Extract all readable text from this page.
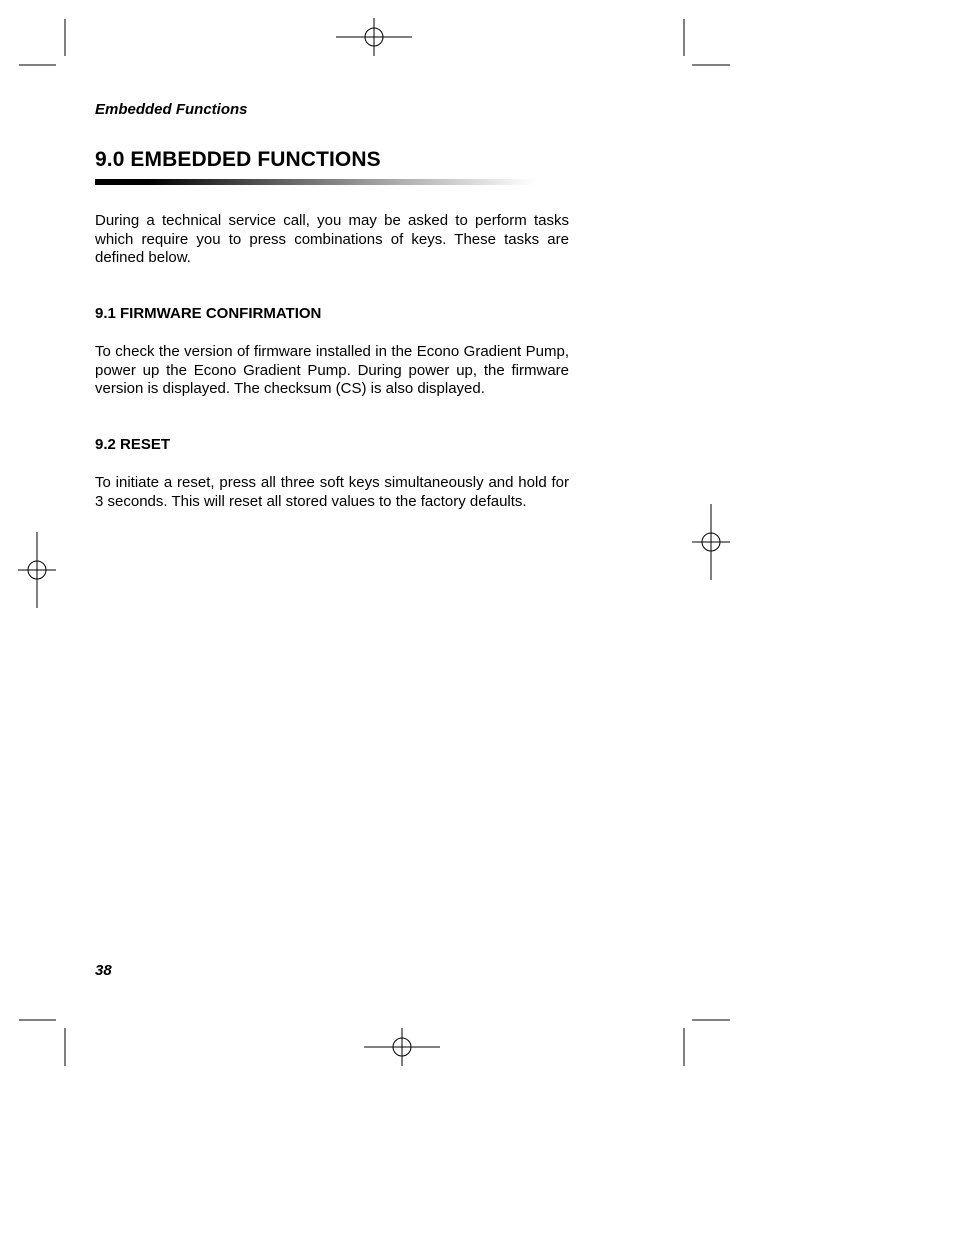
Embedded Functions
9.0 EMBEDDED FUNCTIONS

During a technical service call, you may be asked to perform tasks which require you to press combinations of keys. These tasks are defined below.

9.1 FIRMWARE CONFIRMATION

To check the version of firmware installed in the Econo Gradient Pump, power up the Econo Gradient Pump. During power up, the firmware version is displayed. The checksum (CS) is also displayed.

9.2 RESET

To initiate a reset, press all three soft keys simultaneously and hold for 3 seconds. This will reset all stored values to the factory defaults.

38
